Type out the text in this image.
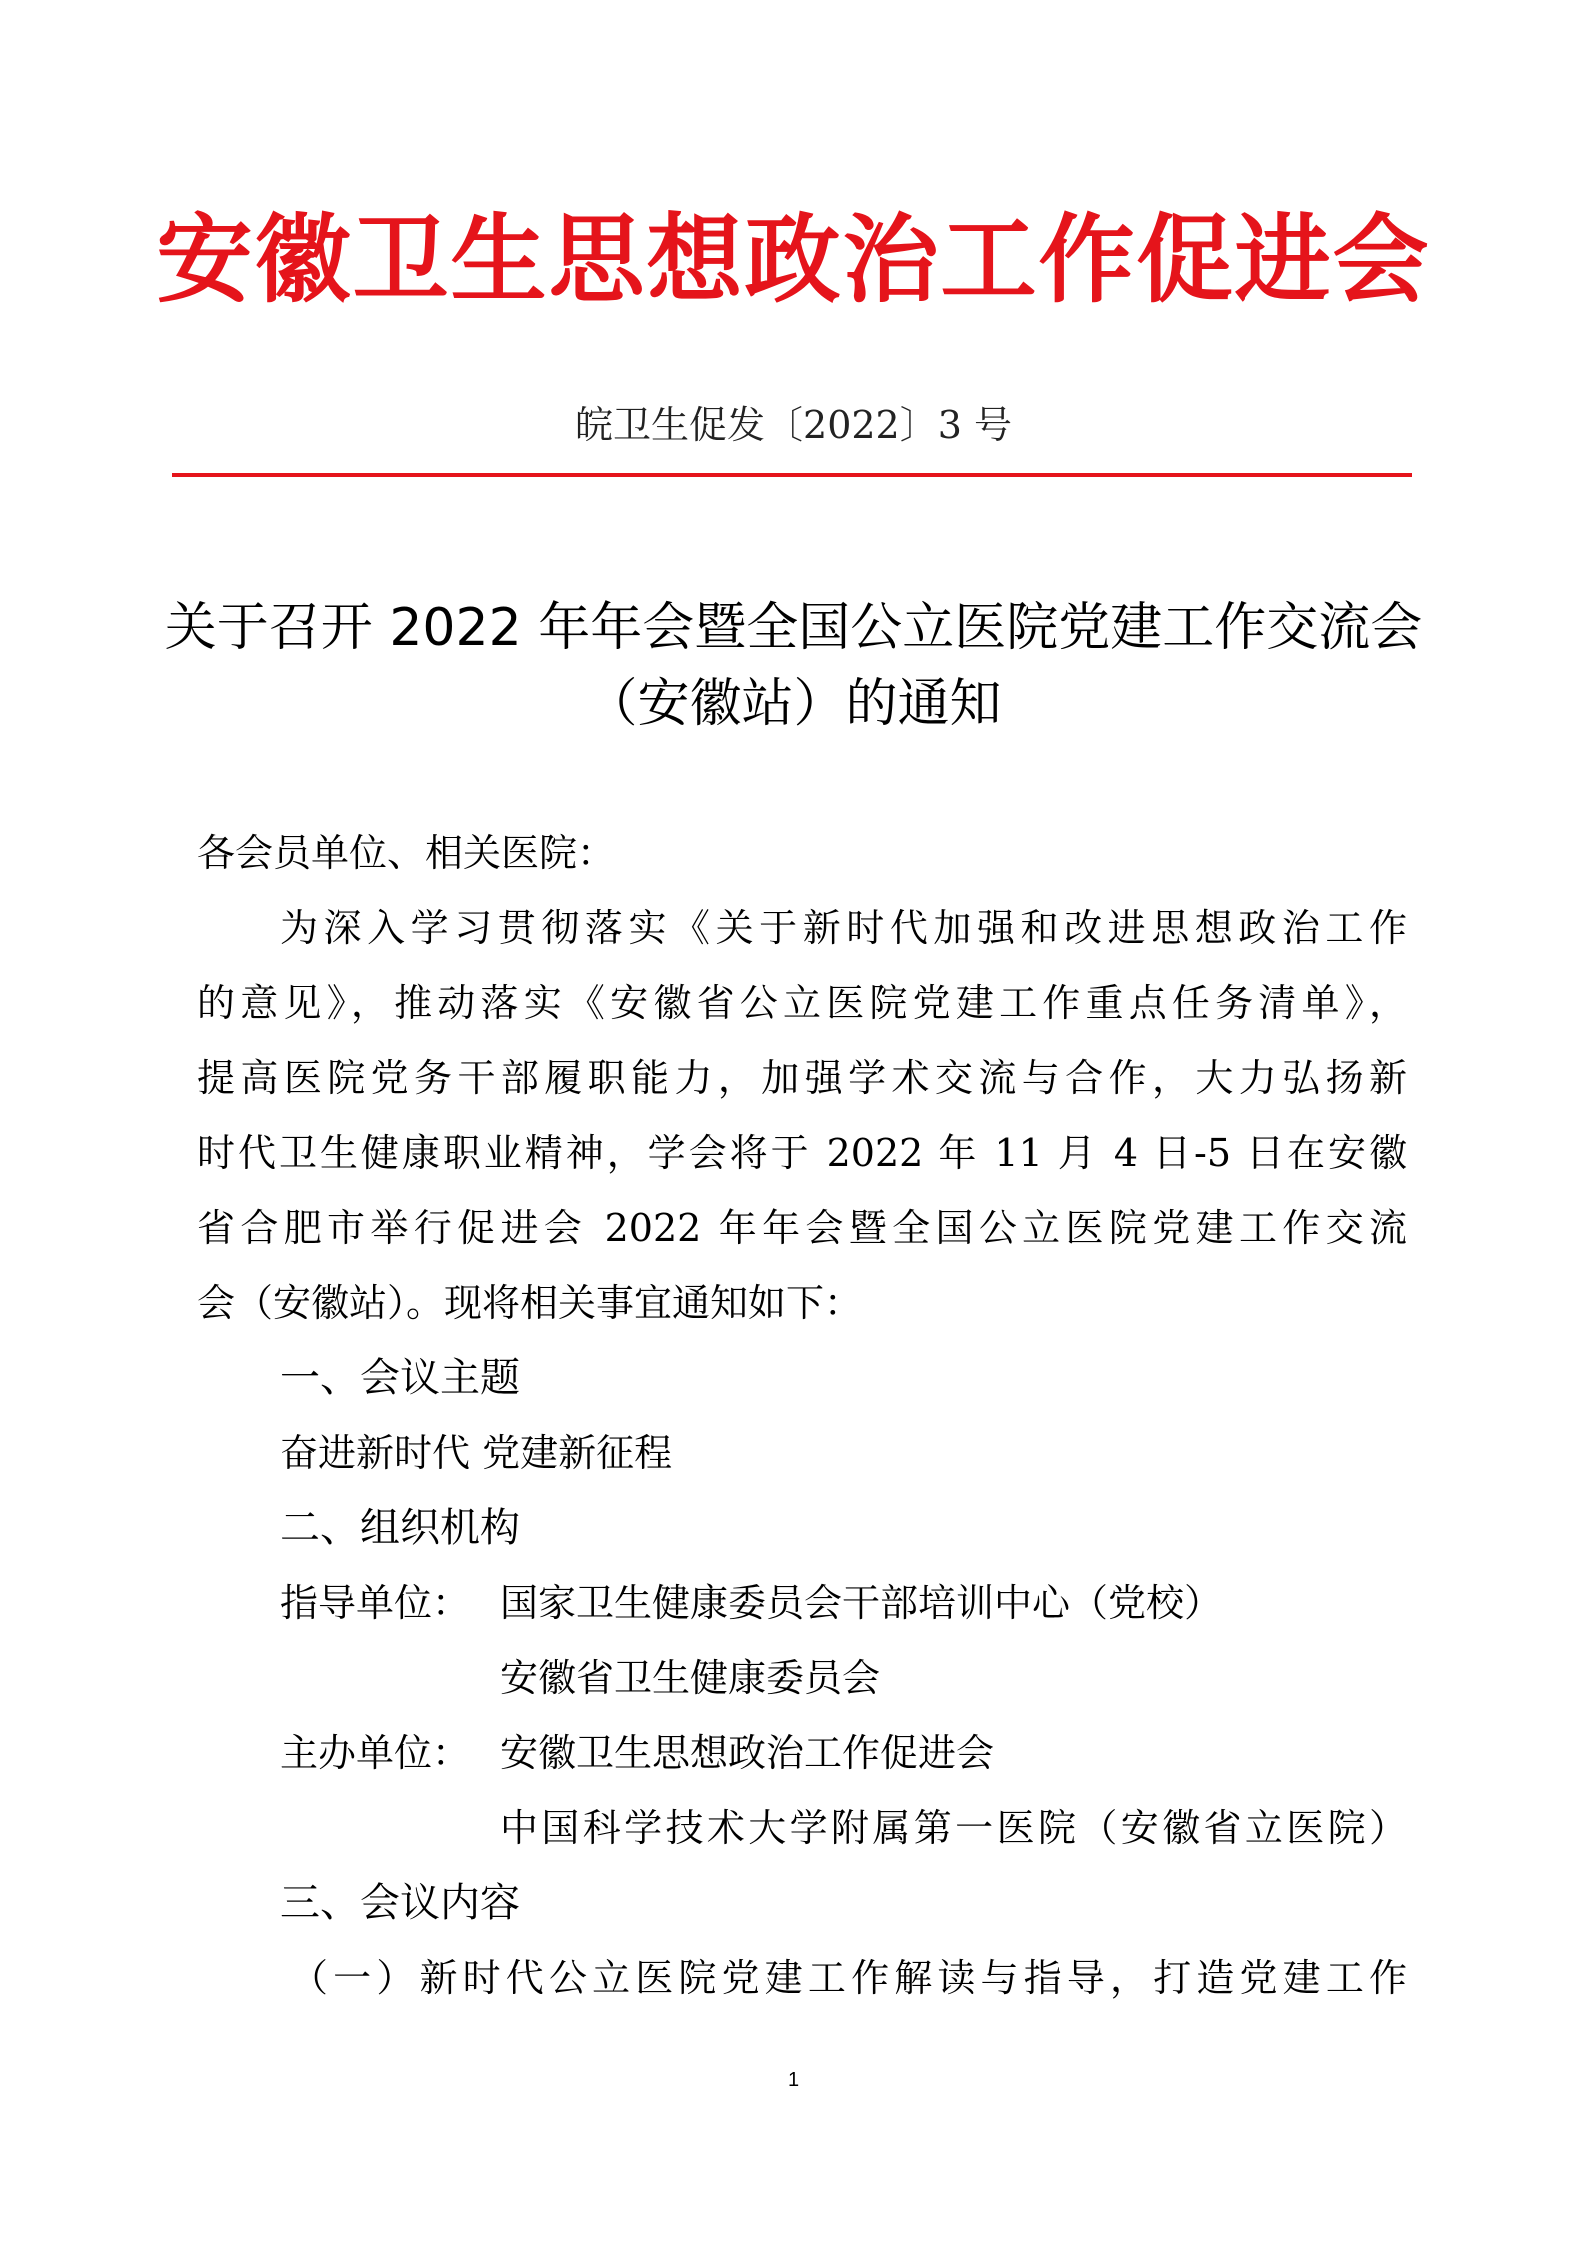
安徽卫生思想政治工作促进会
皖卫生促发〔2022〕3 号
关于召开 2022 年年会暨全国公立医院党建工作交流会（安徽站）的通知

各会员单位、相关医院：

为深入学习贯彻落实《关于新时代加强和改进思想政治工作

的意见》，推动落实《安徽省公立医院党建工作重点任务清单》，

提高医院党务干部履职能力，加强学术交流与合作，大力弘扬新

时代卫生健康职业精神，学会将于 2022 年 11 月 4 日-5 日在安徽

省合肥市举行促进会 2022 年年会暨全国公立医院党建工作交流

会（安徽站）。现将相关事宜通知如下：

一、会议主题

奋进新时代 党建新征程

二、组织机构

指导单位： 国家卫生健康委员会干部培训中心（党校）

安徽省卫生健康委员会

主办单位： 安徽卫生思想政治工作促进会

中国科学技术大学附属第一医院（安徽省立医院）

三、会议内容

（一）新时代公立医院党建工作解读与指导，打造党建工作

1
